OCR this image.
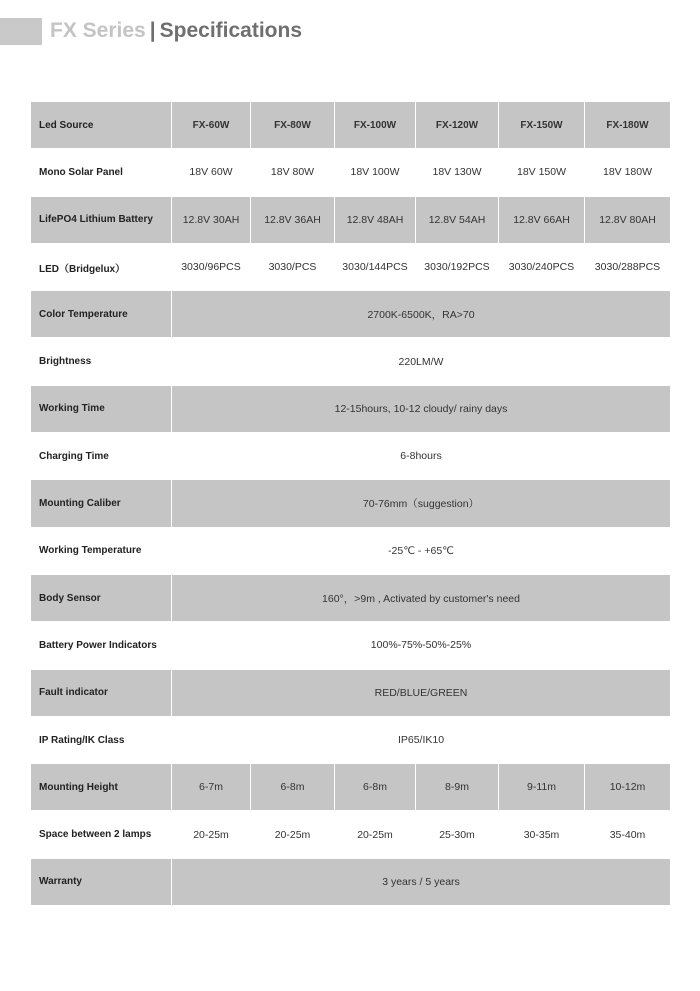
FX Series | Specifications
Led Source	FX-60W	FX-80W	FX-100W	FX-120W	FX-150W	FX-180W
Mono Solar Panel	18V 60W	18V 80W	18V 100W	18V 130W	18V 150W	18V 180W
LifePO4 Lithium Battery	12.8V 30AH	12.8V 36AH	12.8V 48AH	12.8V 54AH	12.8V 66AH	12.8V 80AH
LED（Bridgelux）	3030/96PCS	3030/PCS	3030/144PCS	3030/192PCS	3030/240PCS	3030/288PCS
Color Temperature	2700K-6500K，RA>70					
Brightness	220LM/W					
Working Time	12-15hours, 10-12 cloudy/ rainy days					
Charging Time	6-8hours					
Mounting Caliber	70-76mm（suggestion）					
Working Temperature	-25℃ - +65℃					
Body Sensor	160°，>9m , Activated by customer's need					
Battery Power Indicators	100%-75%-50%-25%					
Fault indicator	RED/BLUE/GREEN					
IP Rating/IK Class	IP65/IK10					
Mounting Height	6-7m	6-8m	6-8m	8-9m	9-11m	10-12m
Space between 2 lamps	20-25m	20-25m	20-25m	25-30m	30-35m	35-40m
Warranty	3 years / 5 years					
